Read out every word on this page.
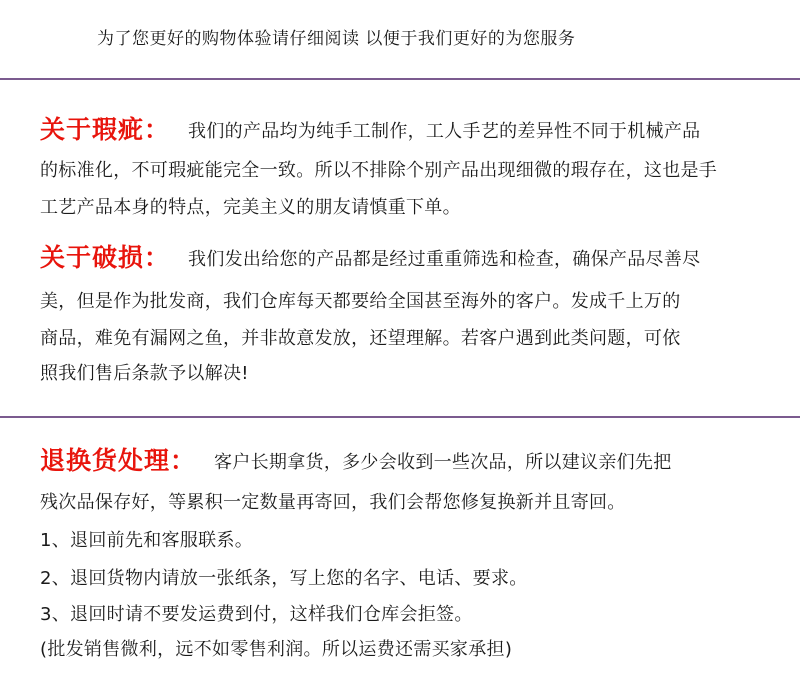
为了您更好的购物体验请仔细阅读 以便于我们更好的为您服务
关于瑕疵： 我们的产品均为纯手工制作，工人手艺的差异性不同于机械产品
的标准化，不可瑕疵能完全一致。所以不排除个别产品出现细微的瑕存在，这也是手
工艺产品本身的特点，完美主义的朋友请慎重下单。
关于破损： 我们发出给您的产品都是经过重重筛选和检查，确保产品尽善尽
美，但是作为批发商，我们仓库每天都要给全国甚至海外的客户。发成千上万的
商品，难免有漏网之鱼，并非故意发放，还望理解。若客户遇到此类问题，可依
照我们售后条款予以解决!
退换货处理： 客户长期拿货，多少会收到一些次品，所以建议亲们先把
残次品保存好，等累积一定数量再寄回，我们会帮您修复换新并且寄回。
1、退回前先和客服联系。
2、退回货物内请放一张纸条，写上您的名字、电话、要求。
3、退回时请不要发运费到付，这样我们仓库会拒签。
(批发销售微利，远不如零售利润。所以运费还需买家承担)
